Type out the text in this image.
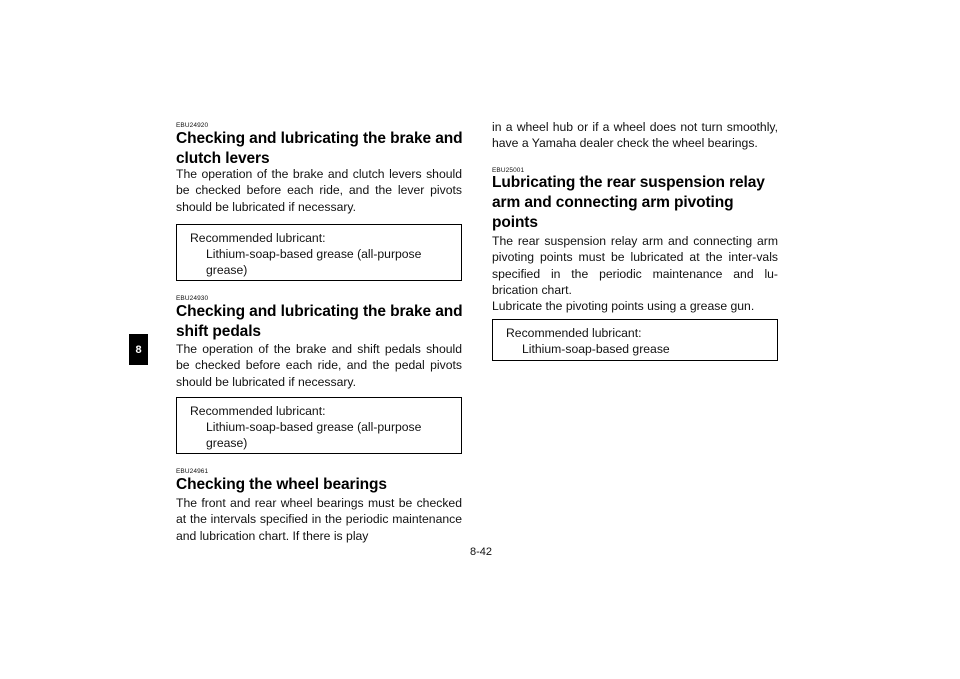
8
EBU24920
Checking and lubricating the brake and
clutch levers
The operation of the brake and clutch levers should be checked before each ride, and the lever pivots should be lubricated if necessary.
Recommended lubricant:
Lithium-soap-based grease (all-purpose
grease)
EBU24930
Checking and lubricating the brake and
shift pedals
The operation of the brake and shift pedals should be checked before each ride, and the pedal pivots should be lubricated if necessary.
Recommended lubricant:
Lithium-soap-based grease (all-purpose
grease)
EBU24961
Checking the wheel bearings
The front and rear wheel bearings must be checked at the intervals specified in the periodic maintenance and lubrication chart. If there is play
in a wheel hub or if a wheel does not turn smoothly, have a Yamaha dealer check the wheel bearings.
EBU25001
Lubricating the rear suspension relay
arm and connecting arm pivoting
points
The rear suspension relay arm and connecting arm pivoting points must be lubricated at the inter-vals specified in the periodic maintenance and lu-brication chart.
Lubricate the pivoting points using a grease gun.
Recommended lubricant:
Lithium-soap-based grease
8-42
